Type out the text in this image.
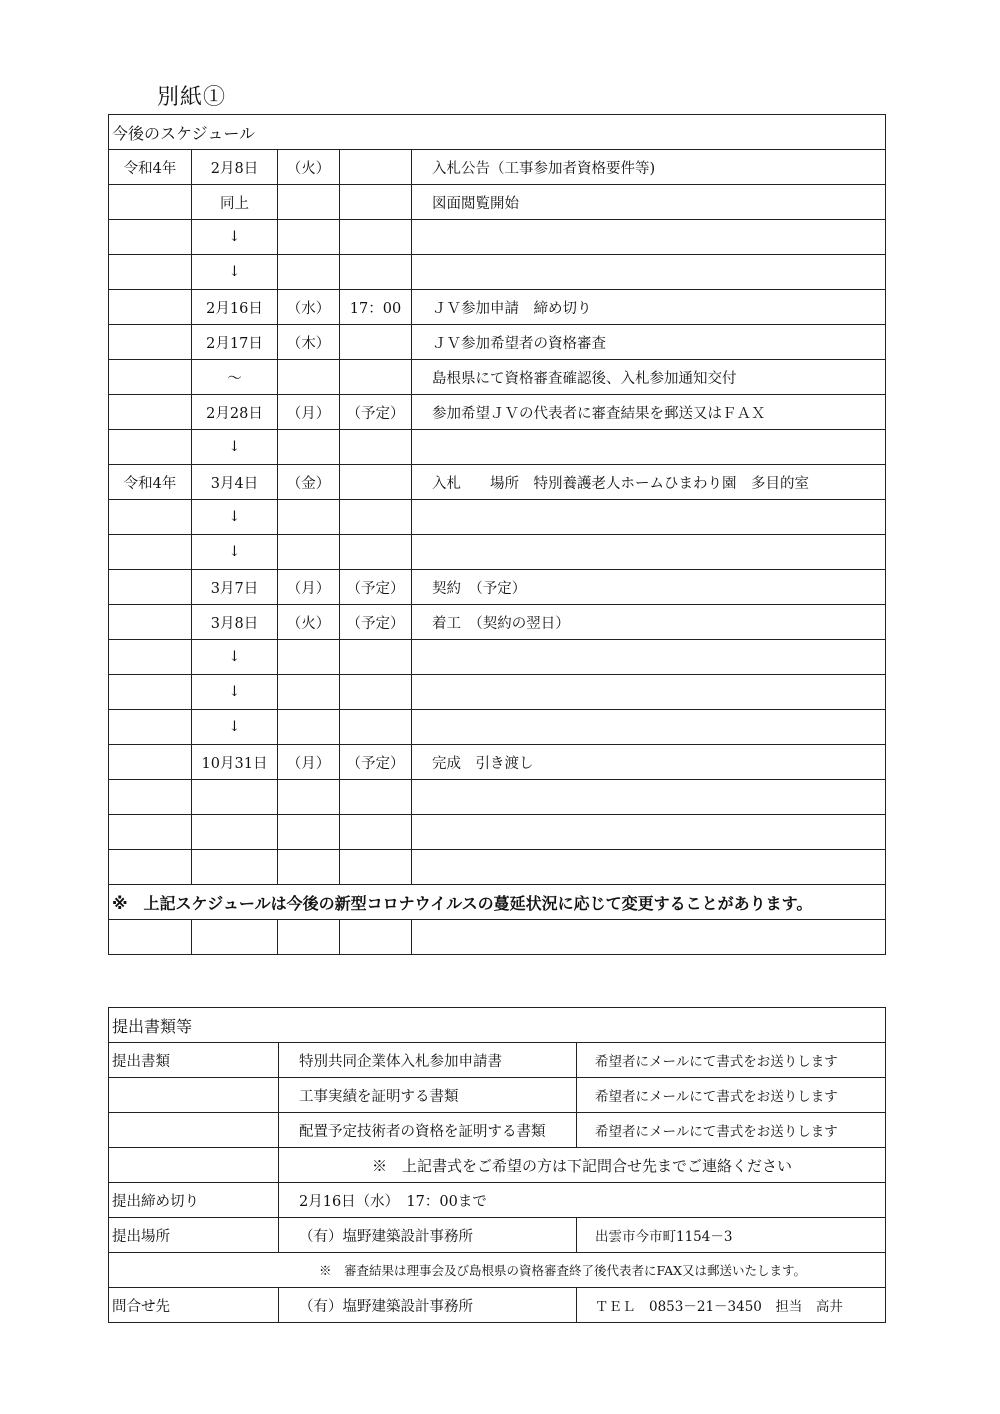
別紙①
今後のスケジュール				
令和4年	2月8日	（火）		入札公告（工事参加者資格要件等)
	同上			図面閲覧開始
	↓			
	↓			
	2月16日	（水）	17：00	ＪＶ参加申請　締め切り
	2月17日	（木）		ＪＶ参加希望者の資格審査
	～			島根県にて資格審査確認後、入札参加通知交付
	2月28日	（月）	（予定）	参加希望ＪＶの代表者に審査結果を郵送又はＦＡＸ
	↓			
令和4年	3月4日	（金）		入札　　場所　特別養護老人ホームひまわり園　多目的室
	↓			
	↓			
	3月7日	（月）	（予定）	契約　（予定）
	3月8日	（火）	（予定）	着工　（契約の翌日）
	↓			
	↓			
	↓			
	10月31日	（月）	（予定）	完成　引き渡し

※　上記スケジュールは今後の新型コロナウイルスの蔓延状況に応じて変更することがあります。				

提出書類等		
提出書類	特別共同企業体入札参加申請書	希望者にメールにて書式をお送りします
	工事実績を証明する書類	希望者にメールにて書式をお送りします
	配置予定技術者の資格を証明する書類	希望者にメールにて書式をお送りします
	※　上記書式をご希望の方は下記問合せ先までご連絡ください	
提出締め切り	2月16日（水）　17：00まで	
提出場所	（有）塩野建築設計事務所	出雲市今市町1154－3
※　審査結果は理事会及び島根県の資格審査終了後代表者にFAX又は郵送いたします。		
問合せ先	（有）塩野建築設計事務所	ＴＥＬ　0853－21－3450　担当　高井
